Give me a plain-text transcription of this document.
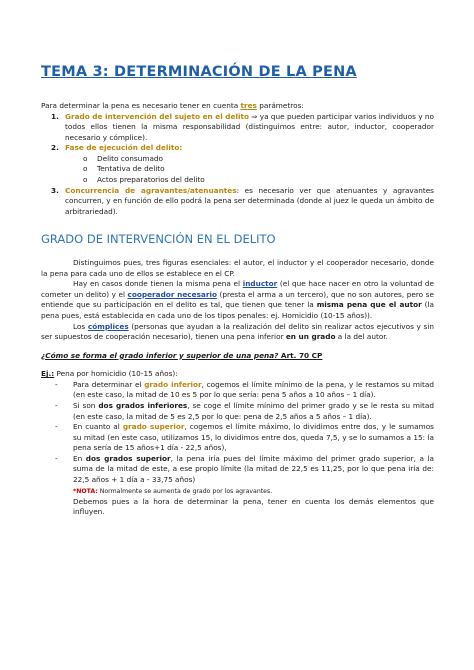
TEMA 3: DETERMINACIÓN DE LA PENA

Para determinar la pena es necesario tener en cuenta tres parámetros:

1. Grado de intervención del sujeto en el delito ⇒ ya que pueden participar varios individuos y no todos ellos tienen la misma responsabilidad (distinguimos entre: autor, inductor, cooperador necesario y cómplice).
2. Fase de ejecución del delito:
o Delito consumado
o Tentativa de delito
o Actos preparatorios del delito
3. Concurrencia de agravantes/atenuantes: es necesario ver que atenuantes y agravantes concurren, y en función de ello podrá la pena ser determinada (donde al juez le queda un ámbito de arbitrariedad).
GRADO DE INTERVENCIÓN EN EL DELITO

Distinguimos pues, tres figuras esenciales: el autor, el inductor y el cooperador necesario, donde la pena para cada uno de ellos se establece en el CP.

Hay en casos donde tienen la misma pena el inductor (el que hace nacer en otro la voluntad de cometer un delito) y el cooperador necesario (presta el arma a un tercero), que no son autores, pero se entiende que su participación en el delito es tal, que tienen que tener la misma pena que el autor (la pena pues, está establecida en cada uno de los tipos penales: ej. Homicidio (10-15 años)).

Los cómplices (personas que ayudan a la realización del delito sin realizar actos ejecutivos y sin ser supuestos de cooperación necesario), tienen una pena inferior en un grado a la del autor.

¿Cómo se forma el grado inferior y superior de una pena? Art. 70 CP

Ej.: Pena por homicidio (10-15 años):

- Para determinar el grado inferior, cogemos el límite mínimo de la pena, y le restamos su mitad (en este caso, la mitad de 10 es 5 por lo que sería: pena 5 años a 10 años – 1 día).
- Si son dos grados inferiores, se coge el límite mínimo del primer grado y se le resta su mitad (en este caso, la mitad de 5 es 2,5 por lo que: pena de 2,5 años a 5 años – 1 día).
- En cuanto al grado superior, cogemos el límite máximo, lo dividimos entre dos, y le sumamos su mitad (en este caso, utilizamos 15, lo dividimos entre dos, queda 7,5, y se lo sumamos a 15: la pena sería de 15 años+1 día - 22,5 años),
- En dos grados superior, la pena iría pues del límite máximo del primer grado superior, a la suma de la mitad de este, a ese propio límite (la mitad de 22,5 es 11,25, por lo que pena iría de: 22,5 años + 1 día a - 33,75 años)

*NOTA: Normalmente se aumenta de grado por los agravantes.

Debemos pues a la hora de determinar la pena, tener en cuenta los demás elementos que influyen.
